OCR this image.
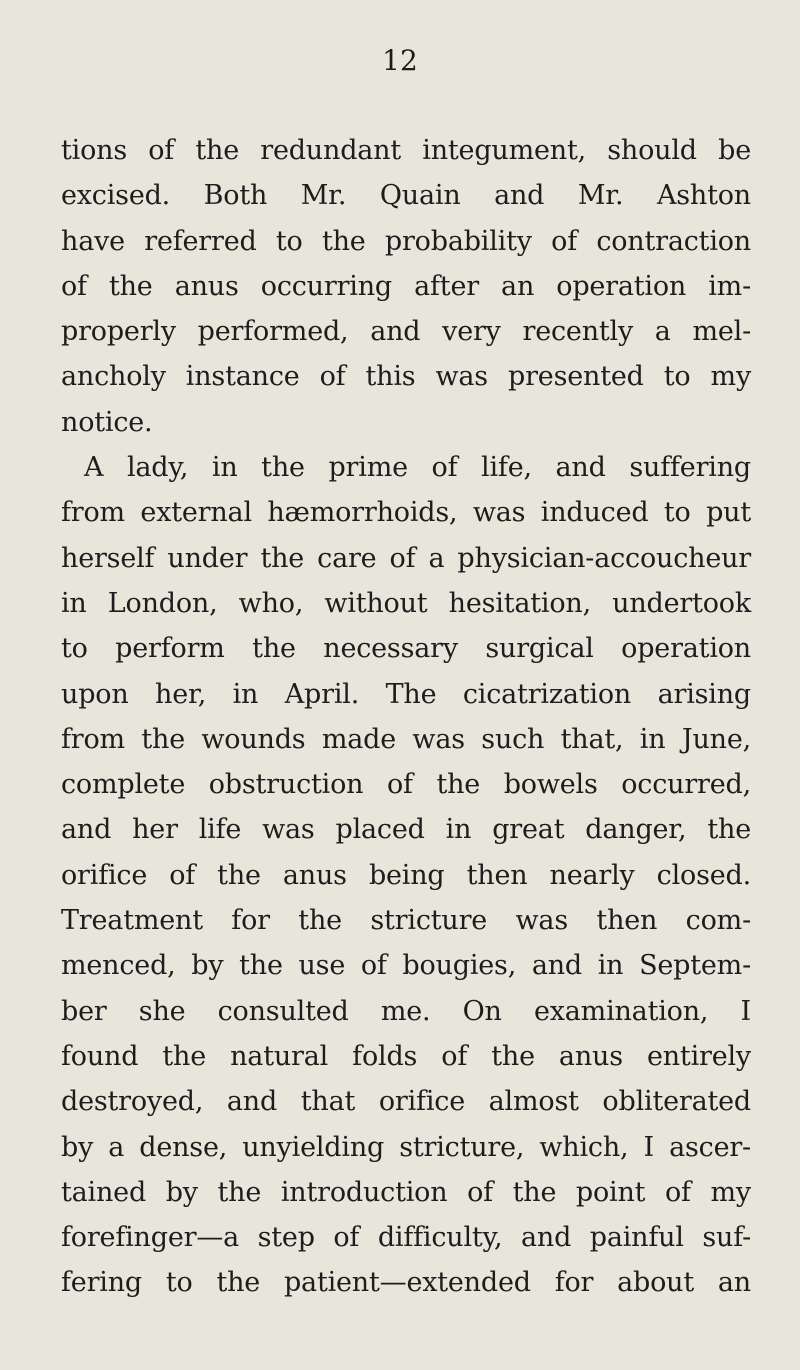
12
tions of the redundant integument, should be
excised. Both Mr. Quain and Mr. Ashton
have referred to the probability of contraction
of the anus occurring after an operation im-
properly performed, and very recently a mel-
ancholy instance of this was presented to my
notice.
A lady, in the prime of life, and suffering
from external hæmorrhoids, was induced to put
herself under the care of a physician-accoucheur
in London, who, without hesitation, undertook
to perform the necessary surgical operation
upon her, in April. The cicatrization arising
from the wounds made was such that, in June,
complete obstruction of the bowels occurred,
and her life was placed in great danger, the
orifice of the anus being then nearly closed.
Treatment for the stricture was then com-
menced, by the use of bougies, and in Septem-
ber she consulted me. On examination, I
found the natural folds of the anus entirely
destroyed, and that orifice almost obliterated
by a dense, unyielding stricture, which, I ascer-
tained by the introduction of the point of my
forefinger—a step of difficulty, and painful suf-
fering to the patient—extended for about an
